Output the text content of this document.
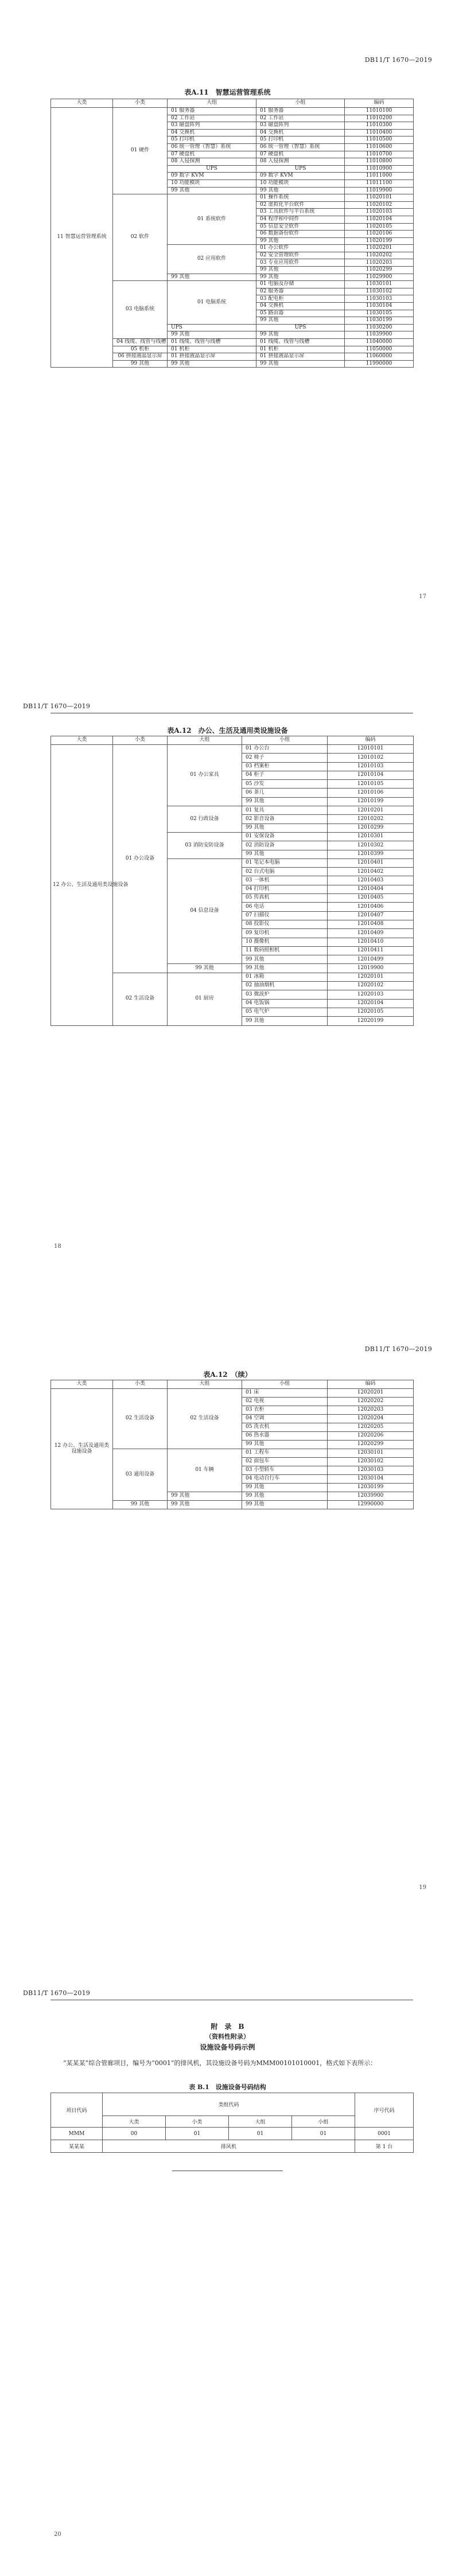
DB11/T 1670—2019
表A.11　智慧运营管理系统
大类	小类	大组	小组	编码
11 智慧运营管理系统	01 硬件	01 服务器	01 服务器	11010100
		02 工作站	02 工作站	11010200
		03 磁盘阵列	03 磁盘阵列	11010300
		04 交换机	04 交换机	11010400
		05 打印机	05 打印机	11010500
		06 统一管理（智慧）系统	06 统一管理（智慧）系统	11010600
		07 硬盘机	07 硬盘机	11010700
		08 入侵探测	08 入侵探测	11010800
		UPS	UPS	11010900
		09 数字 KVM	09 数字 KVM	11011000
		10 功能模块	10 功能模块	11011100
		99 其他	99 其他	11019900
	02 软件	01 系统软件	01 操作系统	11020101
			02 虚拟化平台软件	11020102
			03 工具软件与平台系统	11020103
			04 程序和中间件	11020104
			05 信息安全软件	11020105
			06 数据备份软件	11020106
			99 其他	11020199
		02 应用软件	01 办公软件	11020201
			02 安全管理软件	11020202
			03 专业应用软件	11020203
			99 其他	11020299
		99 其他	99 其他	11029900
	03 电脑系统	01 电脑系统	01 电脑及存储	11030101
			02 服务器	11030102
			03 配电柜	11030103
			04 交换机	11030104
			05 路由器	11030105
			99 其他	11030199
		UPS	UPS	11030200
		99 其他	99 其他	11039900
	04 线缆、线管与线槽	01 线缆、线管与线槽	01 线缆、线管与线槽	11040000
	05 机柜	01 机柜	01 机柜	11050000
	06 拼接液晶显示屏	01 拼接液晶显示屏	01 拼接液晶显示屏	11060000
	99 其他	99 其他	99 其他	11990000
17
DB11/T 1670—2019
表A.12　办公、生活及通用类设施设备
大类	小类	大组	小组	编码
12 办公、生活及通用类设施设备	01 办公设备	01 办公家具	01 办公台	12010101
			02 椅子	12010102
			03 档案柜	12010103
			04 柜子	12010104
			05 沙发	12010105
			06 茶几	12010106
			99 其他	12010199
		02 行政设备	01 复具	12010201
			02 影音设备	12010202
			99 其他	12010299
		03 消防安防设备	01 安保设备	12010301
			02 消防设备	12010302
			99 其他	12010399
		04 信息设备	01 笔记本电脑	12010401
			02 台式电脑	12010402
			03 一体机	12010403
			04 打印机	12010404
			05 传真机	12010405
			06 电话	12010406
			07 扫描仪	12010407
			08 投影仪	12010408
			09 复印机	12010409
			10 摄像机	12010410
			11 数码照相机	12010411
			99 其他	12010499
		99 其他	99 其他	12019900
	02 生活设备	01 厨房	01 冰箱	12020101
			02 抽油烟机	12020102
			03 微波炉	12020103
			04 电饭锅	12020104
			05 电气炉	12020105
			99 其他	12020199
18
DB11/T 1670—2019
表A.12　（续）
大类	小类	大组	小组	编码
12 办公、生活及通用类设施设备	02 生活设备	02 生活设备	01 床	12020201
			02 电视	12020202
			03 衣柜	12020203
			04 空调	12020204
			05 洗衣机	12020205
			06 热水器	12020206
			99 其他	12020299
	03 通用设备	01 车辆	01 工程车	12030101
			02 面包车	12030102
			03 小型轿车	12030103
			04 电动自行车	12030104
			99 其他	12030199
		99 其他	99 其他	12039900
	99 其他	99 其他	99 其他	12990000
19
DB11/T 1670—2019
附　录　B
（资料性附录）
设施设备号码示例
“某某某”综合管廊项目，编号为“0001”的排风机，其设施设备号码为MMM00101010001，格式如下表所示：
表 B.1　设施设备号码结构
项目代码	类组代码				序号代码
	大类	小类	大组	小组	
MMM	00	01	01	01	0001
某某某	排风机				第 1 台
20
